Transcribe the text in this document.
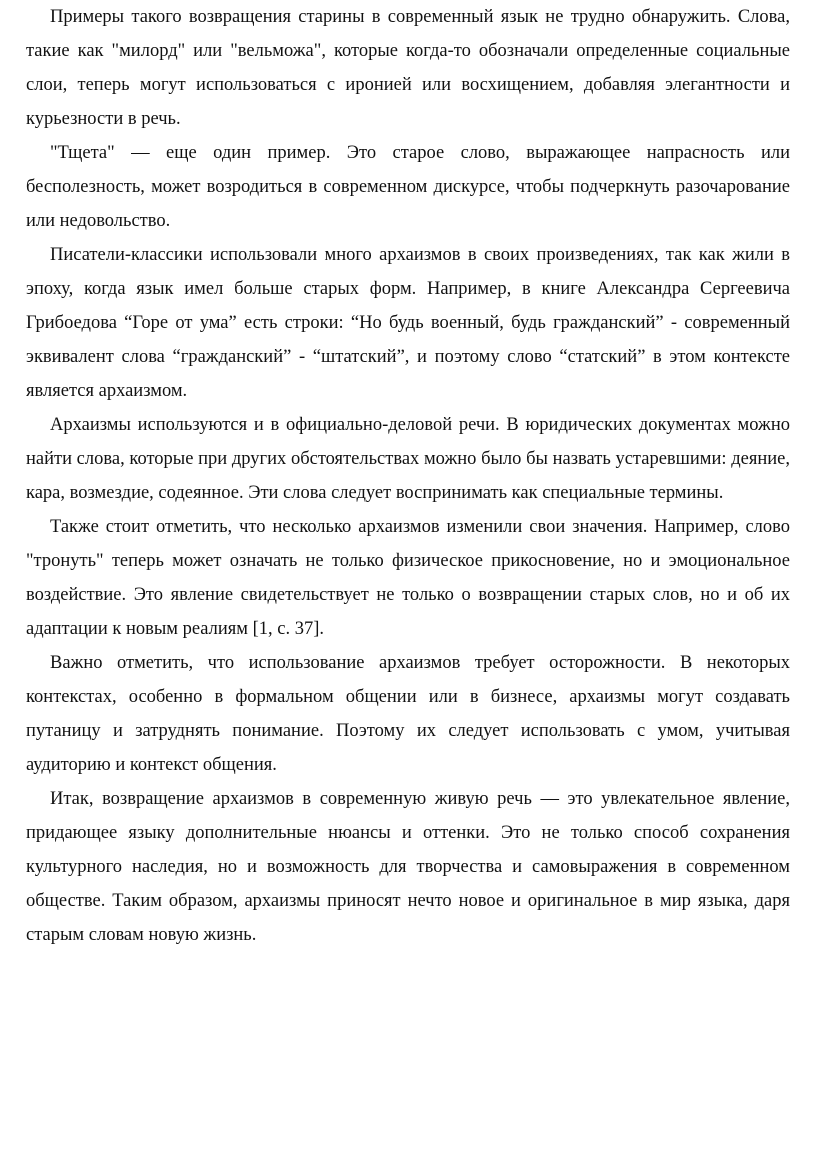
Примеры такого возвращения старины в современный язык не трудно обнаружить. Слова, такие как "милорд" или "вельможа", которые когда-то обозначали определенные социальные слои, теперь могут использоваться с иронией или восхищением, добавляя элегантности и курьезности в речь.

"Тщета" — еще один пример. Это старое слово, выражающее напрасность или бесполезность, может возродиться в современном дискурсе, чтобы подчеркнуть разочарование или недовольство.

Писатели-классики использовали много архаизмов в своих произведениях, так как жили в эпоху, когда язык имел больше старых форм. Например, в книге Александра Сергеевича Грибоедова “Горе от ума” есть строки: “Но будь военный, будь гражданский” - современный эквивалент слова “гражданский” - “штатский”, и поэтому слово “статский” в этом контексте является архаизмом.

Архаизмы используются и в официально-деловой речи. В юридических документах можно найти слова, которые при других обстоятельствах можно было бы назвать устаревшими: деяние, кара, возмездие, содеянное. Эти слова следует воспринимать как специальные термины.

Также стоит отметить, что несколько архаизмов изменили свои значения. Например, слово "тронуть" теперь может означать не только физическое прикосновение, но и эмоциональное воздействие. Это явление свидетельствует не только о возвращении старых слов, но и об их адаптации к новым реалиям [1, с. 37].

Важно отметить, что использование архаизмов требует осторожности. В некоторых контекстах, особенно в формальном общении или в бизнесе, архаизмы могут создавать путаницу и затруднять понимание. Поэтому их следует использовать с умом, учитывая аудиторию и контекст общения.

Итак, возвращение архаизмов в современную живую речь — это увлекательное явление, придающее языку дополнительные нюансы и оттенки. Это не только способ сохранения культурного наследия, но и возможность для творчества и самовыражения в современном обществе. Таким образом, архаизмы приносят нечто новое и оригинальное в мир языка, даря старым словам новую жизнь.
